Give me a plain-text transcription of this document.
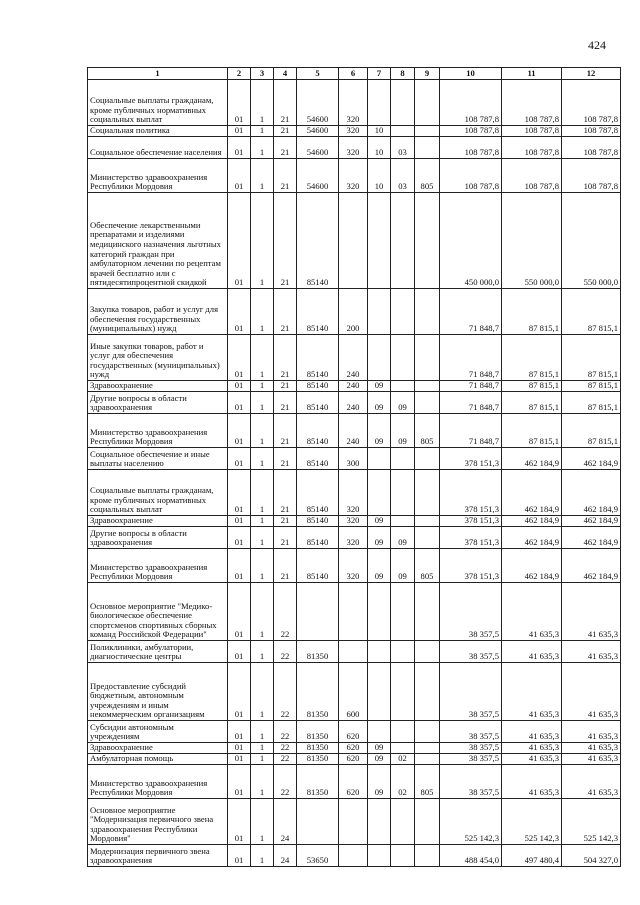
424
1	2	3	4	5	6	7	8	9	10	11	12
Социальные выплаты гражданам, кроме публичных нормативных социальных выплат	01	1	21	54600	320				108 787,8	108 787,8	108 787,8
Социальная политика	01	1	21	54600	320	10			108 787,8	108 787,8	108 787,8
Социальное обеспечение населения	01	1	21	54600	320	10	03		108 787,8	108 787,8	108 787,8
Министерство здравоохранения Республики Мордовия	01	1	21	54600	320	10	03	805	108 787,8	108 787,8	108 787,8
Обеспечение лекарственными препаратами и изделиями медицинского назначения льготных категорий граждан при амбулаторном лечении по рецептам врачей бесплатно или с пятидесятипроцентной скидкой	01	1	21	85140					450 000,0	550 000,0	550 000,0
Закупка товаров, работ и услуг для обеспечения государственных (муниципальных) нужд	01	1	21	85140	200				71 848,7	87 815,1	87 815,1
Иные закупки товаров, работ и услуг для обеспечения государственных (муниципальных) нужд	01	1	21	85140	240				71 848,7	87 815,1	87 815,1
Здравоохранение	01	1	21	85140	240	09			71 848,7	87 815,1	87 815,1
Другие вопросы в области здравоохранения	01	1	21	85140	240	09	09		71 848,7	87 815,1	87 815,1
Министерство здравоохранения Республики Мордовия	01	1	21	85140	240	09	09	805	71 848,7	87 815,1	87 815,1
Социальное обеспечение и иные выплаты населению	01	1	21	85140	300				378 151,3	462 184,9	462 184,9
Социальные выплаты гражданам, кроме публичных нормативных социальных выплат	01	1	21	85140	320				378 151,3	462 184,9	462 184,9
Здравоохранение	01	1	21	85140	320	09			378 151,3	462 184,9	462 184,9
Другие вопросы в области здравоохранения	01	1	21	85140	320	09	09		378 151,3	462 184,9	462 184,9
Министерство здравоохранения Республики Мордовия	01	1	21	85140	320	09	09	805	378 151,3	462 184,9	462 184,9
Основное мероприятие "Медико-биологическое обеспечение спортсменов спортивных сборных команд Российской Федерации"	01	1	22						38 357,5	41 635,3	41 635,3
Поликлиники, амбулатории, диагностические центры	01	1	22	81350					38 357,5	41 635,3	41 635,3
Предоставление субсидий бюджетным, автономным учреждениям и иным некоммерческим организациям	01	1	22	81350	600				38 357,5	41 635,3	41 635,3
Субсидии автономным учреждениям	01	1	22	81350	620				38 357,5	41 635,3	41 635,3
Здравоохранение	01	1	22	81350	620	09			38 357,5	41 635,3	41 635,3
Амбулаторная помощь	01	1	22	81350	620	09	02		38 357,5	41 635,3	41 635,3
Министерство здравоохранения Республики Мордовия	01	1	22	81350	620	09	02	805	38 357,5	41 635,3	41 635,3
Основное мероприятие "Модернизация первичного звена здравоохранения Республики Мордовия"	01	1	24						525 142,3	525 142,3	525 142,3
Модернизация первичного звена здравоохранения	01	1	24	53650					488 454,0	497 480,4	504 327,0
